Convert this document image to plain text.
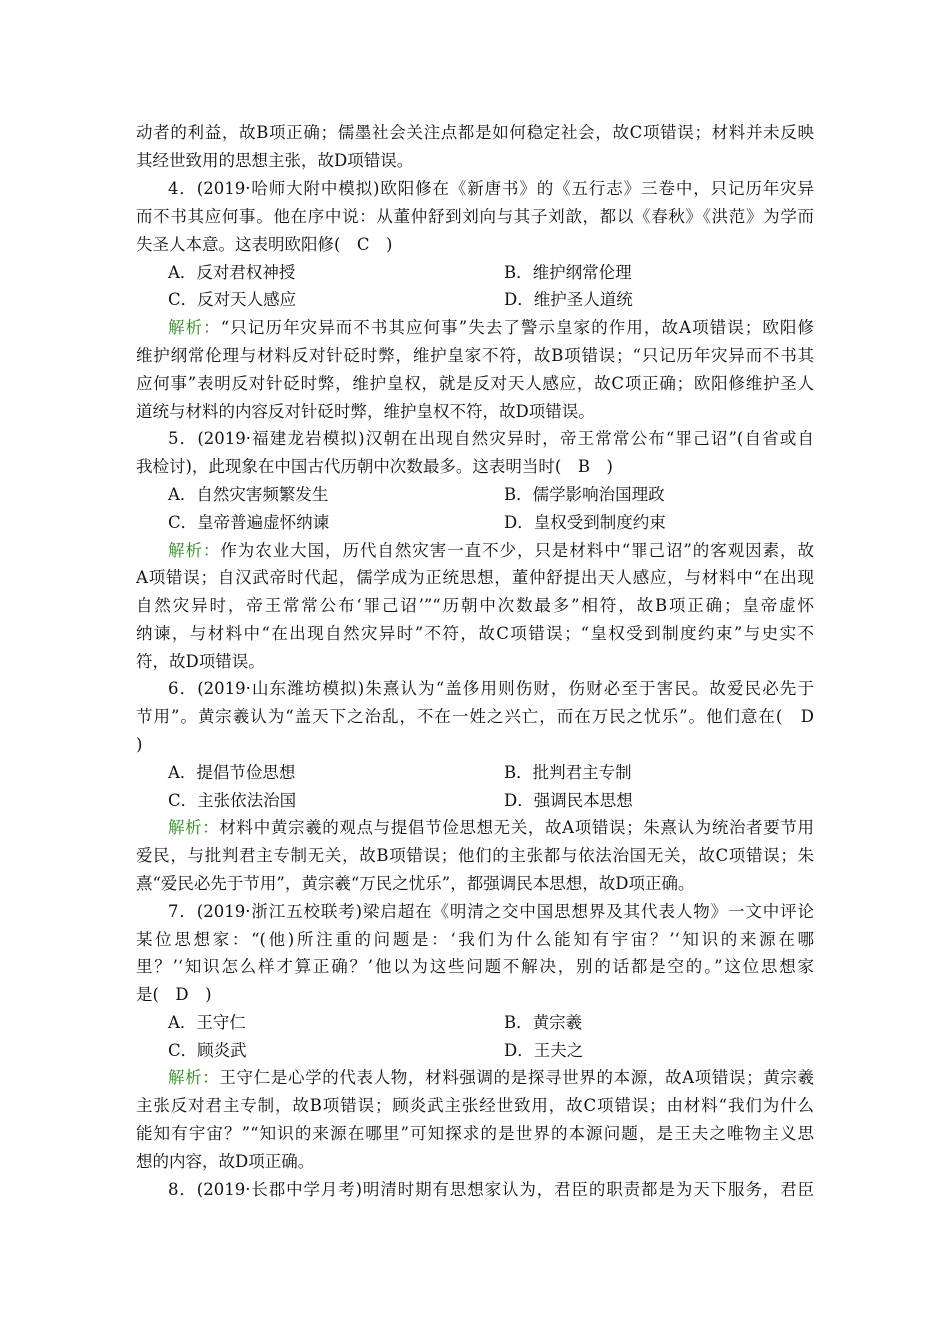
动者的利益，故B项正确；儒墨社会关注点都是如何稳定社会，故C项错误；材料并未反映
其经世致用的思想主张，故D项错误。
4．(2019·哈师大附中模拟)欧阳修在《新唐书》的《五行志》三卷中，只记历年灾异
而不书其应何事。他在序中说：从董仲舒到刘向与其子刘歆，都以《春秋》《洪范》为学而
失圣人本意。这表明欧阳修(　C　)
A．反对君权神授	B．维护纲常伦理
C．反对天人感应	D．维护圣人道统
解析：“只记历年灾异而不书其应何事”失去了警示皇家的作用，故A项错误；欧阳修
维护纲常伦理与材料反对针砭时弊，维护皇家不符，故B项错误；“只记历年灾异而不书其
应何事”表明反对针砭时弊，维护皇权，就是反对天人感应，故C项正确；欧阳修维护圣人
道统与材料的内容反对针砭时弊，维护皇权不符，故D项错误。
5．(2019·福建龙岩模拟)汉朝在出现自然灾异时，帝王常常公布“罪己诏”(自省或自
我检讨)，此现象在中国古代历朝中次数最多。这表明当时(　B　)
A．自然灾害频繁发生	B．儒学影响治国理政
C．皇帝普遍虚怀纳谏	D．皇权受到制度约束
解析：作为农业大国，历代自然灾害一直不少，只是材料中“罪己诏”的客观因素，故
A项错误；自汉武帝时代起，儒学成为正统思想，董仲舒提出天人感应，与材料中“在出现
自然灾异时，帝王常常公布‘罪己诏’”“历朝中次数最多”相符，故B项正确；皇帝虚怀
纳谏，与材料中“在出现自然灾异时”不符，故C项错误；“皇权受到制度约束”与史实不
符，故D项错误。
6．(2019·山东潍坊模拟)朱熹认为“盖侈用则伤财，伤财必至于害民。故爱民必先于
节用”。黄宗羲认为“盖天下之治乱，不在一姓之兴亡，而在万民之忧乐”。他们意在(　D
)
A．提倡节俭思想	B．批判君主专制
C．主张依法治国	D．强调民本思想
解析：材料中黄宗羲的观点与提倡节俭思想无关，故A项错误；朱熹认为统治者要节用
爱民，与批判君主专制无关，故B项错误；他们的主张都与依法治国无关，故C项错误；朱
熹“爱民必先于节用”，黄宗羲“万民之忧乐”，都强调民本思想，故D项正确。
7．(2019·浙江五校联考)梁启超在《明清之交中国思想界及其代表人物》一文中评论
某位思想家：“(他)所注重的问题是：‘我们为什么能知有宇宙？’‘知识的来源在哪
里？’‘知识怎么样才算正确？’他以为这些问题不解决，别的话都是空的。”这位思想家
是(　D　)
A．王守仁	B．黄宗羲
C．顾炎武	D．王夫之
解析：王守仁是心学的代表人物，材料强调的是探寻世界的本源，故A项错误；黄宗羲
主张反对君主专制，故B项错误；顾炎武主张经世致用，故C项错误；由材料“我们为什么
能知有宇宙？”“知识的来源在哪里”可知探求的是世界的本源问题，是王夫之唯物主义思
想的内容，故D项正确。
8．(2019·长郡中学月考)明清时期有思想家认为，君臣的职责都是为天下服务，君臣
